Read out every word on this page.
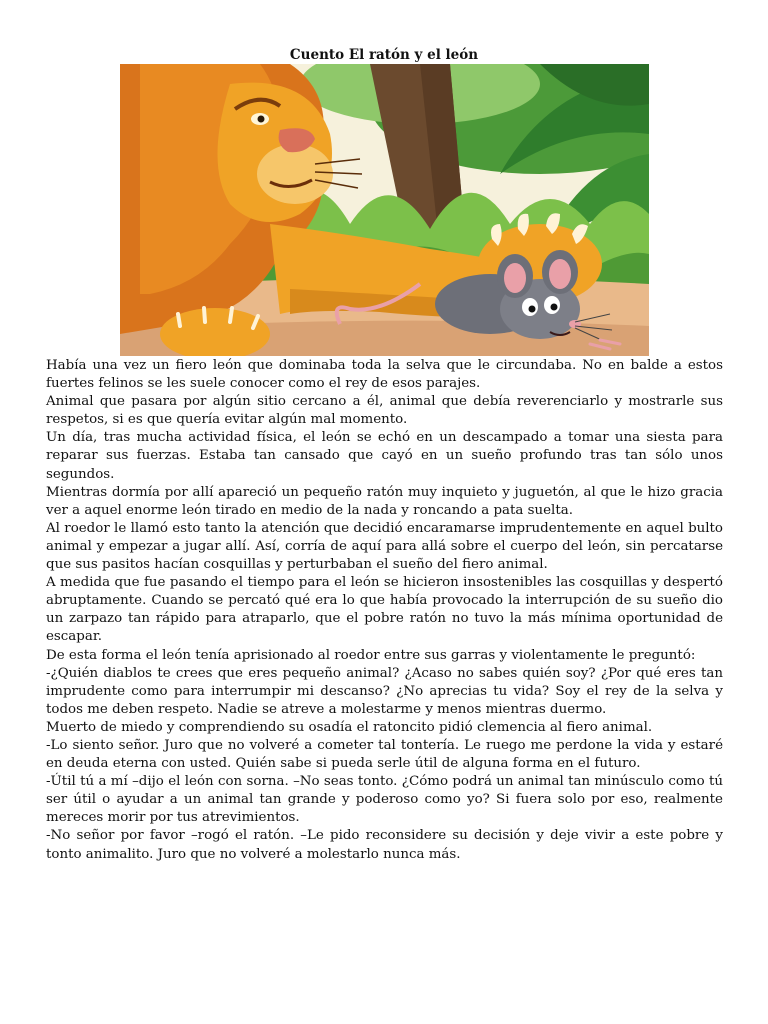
Cuento El ratón y el león

Había una vez un fiero león que dominaba toda la selva que le circundaba. No en balde a estos fuertes felinos se les suele conocer como el rey de esos parajes.

Animal que pasara por algún sitio cercano a él, animal que debía reverenciarlo y mostrarle sus respetos, si es que quería evitar algún mal momento.

Un día, tras mucha actividad física, el león se echó en un descampado a tomar una siesta para reparar sus fuerzas. Estaba tan cansado que cayó en un sueño profundo tras tan sólo unos segundos.

Mientras dormía por allí apareció un pequeño ratón muy inquieto y juguetón, al que le hizo gracia ver a aquel enorme león tirado en medio de la nada y roncando a pata suelta.

Al roedor le llamó esto tanto la atención que decidió encaramarse imprudentemente en aquel bulto animal y empezar a jugar allí. Así, corría de aquí para allá sobre el cuerpo del león, sin percatarse que sus pasitos hacían cosquillas y perturbaban el sueño del fiero animal.

A medida que fue pasando el tiempo para el león se hicieron insostenibles las cosquillas y despertó abruptamente. Cuando se percató qué era lo que había provocado la interrupción de su sueño dio un zarpazo tan rápido para atraparlo, que el pobre ratón no tuvo la más mínima oportunidad de escapar.

De esta forma el león tenía aprisionado al roedor entre sus garras y violentamente le preguntó:

-¿Quién diablos te crees que eres pequeño animal? ¿Acaso no sabes quién soy? ¿Por qué eres tan imprudente como para interrumpir mi descanso? ¿No aprecias tu vida? Soy el rey de la selva y todos me deben respeto. Nadie se atreve a molestarme y menos mientras duermo.

Muerto de miedo y comprendiendo su osadía el ratoncito pidió clemencia al fiero animal.

-Lo siento señor. Juro que no volveré a cometer tal tontería. Le ruego me perdone la vida y estaré en deuda eterna con usted. Quién sabe si pueda serle útil de alguna forma en el futuro.

-Útil tú a mí –dijo el león con sorna. –No seas tonto. ¿Cómo podrá un animal tan minúsculo como tú ser útil o ayudar a un animal tan grande y poderoso como yo? Si fuera solo por eso, realmente mereces morir por tus atrevimientos.

-No señor por favor –rogó el ratón. –Le pido reconsidere su decisión y deje vivir a este pobre y tonto animalito. Juro que no volveré a molestarlo nunca más.
